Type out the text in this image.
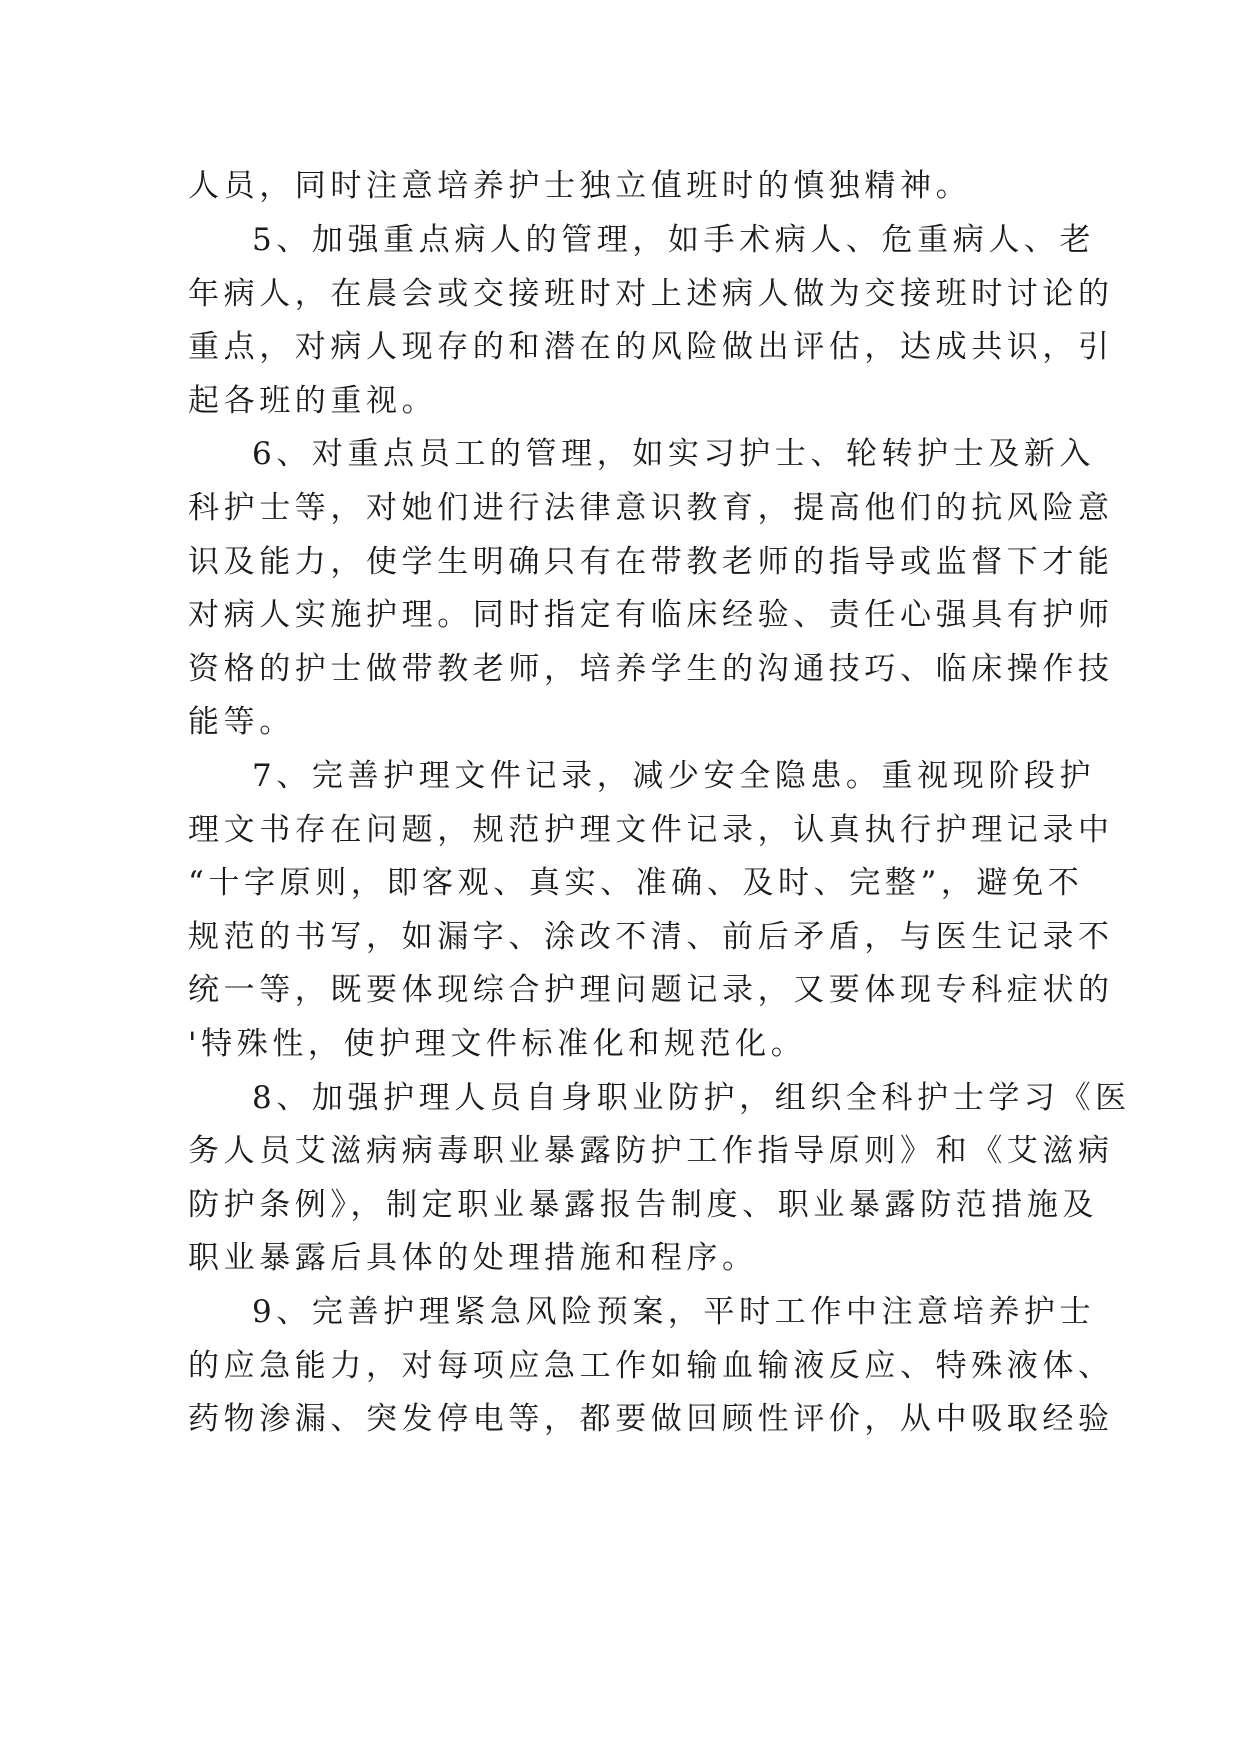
人员，同时注意培养护士独立值班时的慎独精神。
5、加强重点病人的管理，如手术病人、危重病人、老
年病人，在晨会或交接班时对上述病人做为交接班时讨论的
重点，对病人现存的和潜在的风险做出评估，达成共识，引
起各班的重视。
6、对重点员工的管理，如实习护士、轮转护士及新入
科护士等，对她们进行法律意识教育，提高他们的抗风险意
识及能力，使学生明确只有在带教老师的指导或监督下才能
对病人实施护理。同时指定有临床经验、责任心强具有护师
资格的护士做带教老师，培养学生的沟通技巧、临床操作技
能等。
7、完善护理文件记录，减少安全隐患。重视现阶段护
理文书存在问题，规范护理文件记录，认真执行护理记录中
“十字原则，即客观、真实、准确、及时、完整”，避免不
规范的书写，如漏字、涂改不清、前后矛盾，与医生记录不
统一等，既要体现综合护理问题记录，又要体现专科症状的
'特殊性，使护理文件标准化和规范化。
8、加强护理人员自身职业防护，组织全科护士学习《医
务人员艾滋病病毒职业暴露防护工作指导原则》和《艾滋病
防护条例》，制定职业暴露报告制度、职业暴露防范措施及
职业暴露后具体的处理措施和程序。
9、完善护理紧急风险预案，平时工作中注意培养护士
的应急能力，对每项应急工作如输血输液反应、特殊液体、
药物渗漏、突发停电等，都要做回顾性评价，从中吸取经验
